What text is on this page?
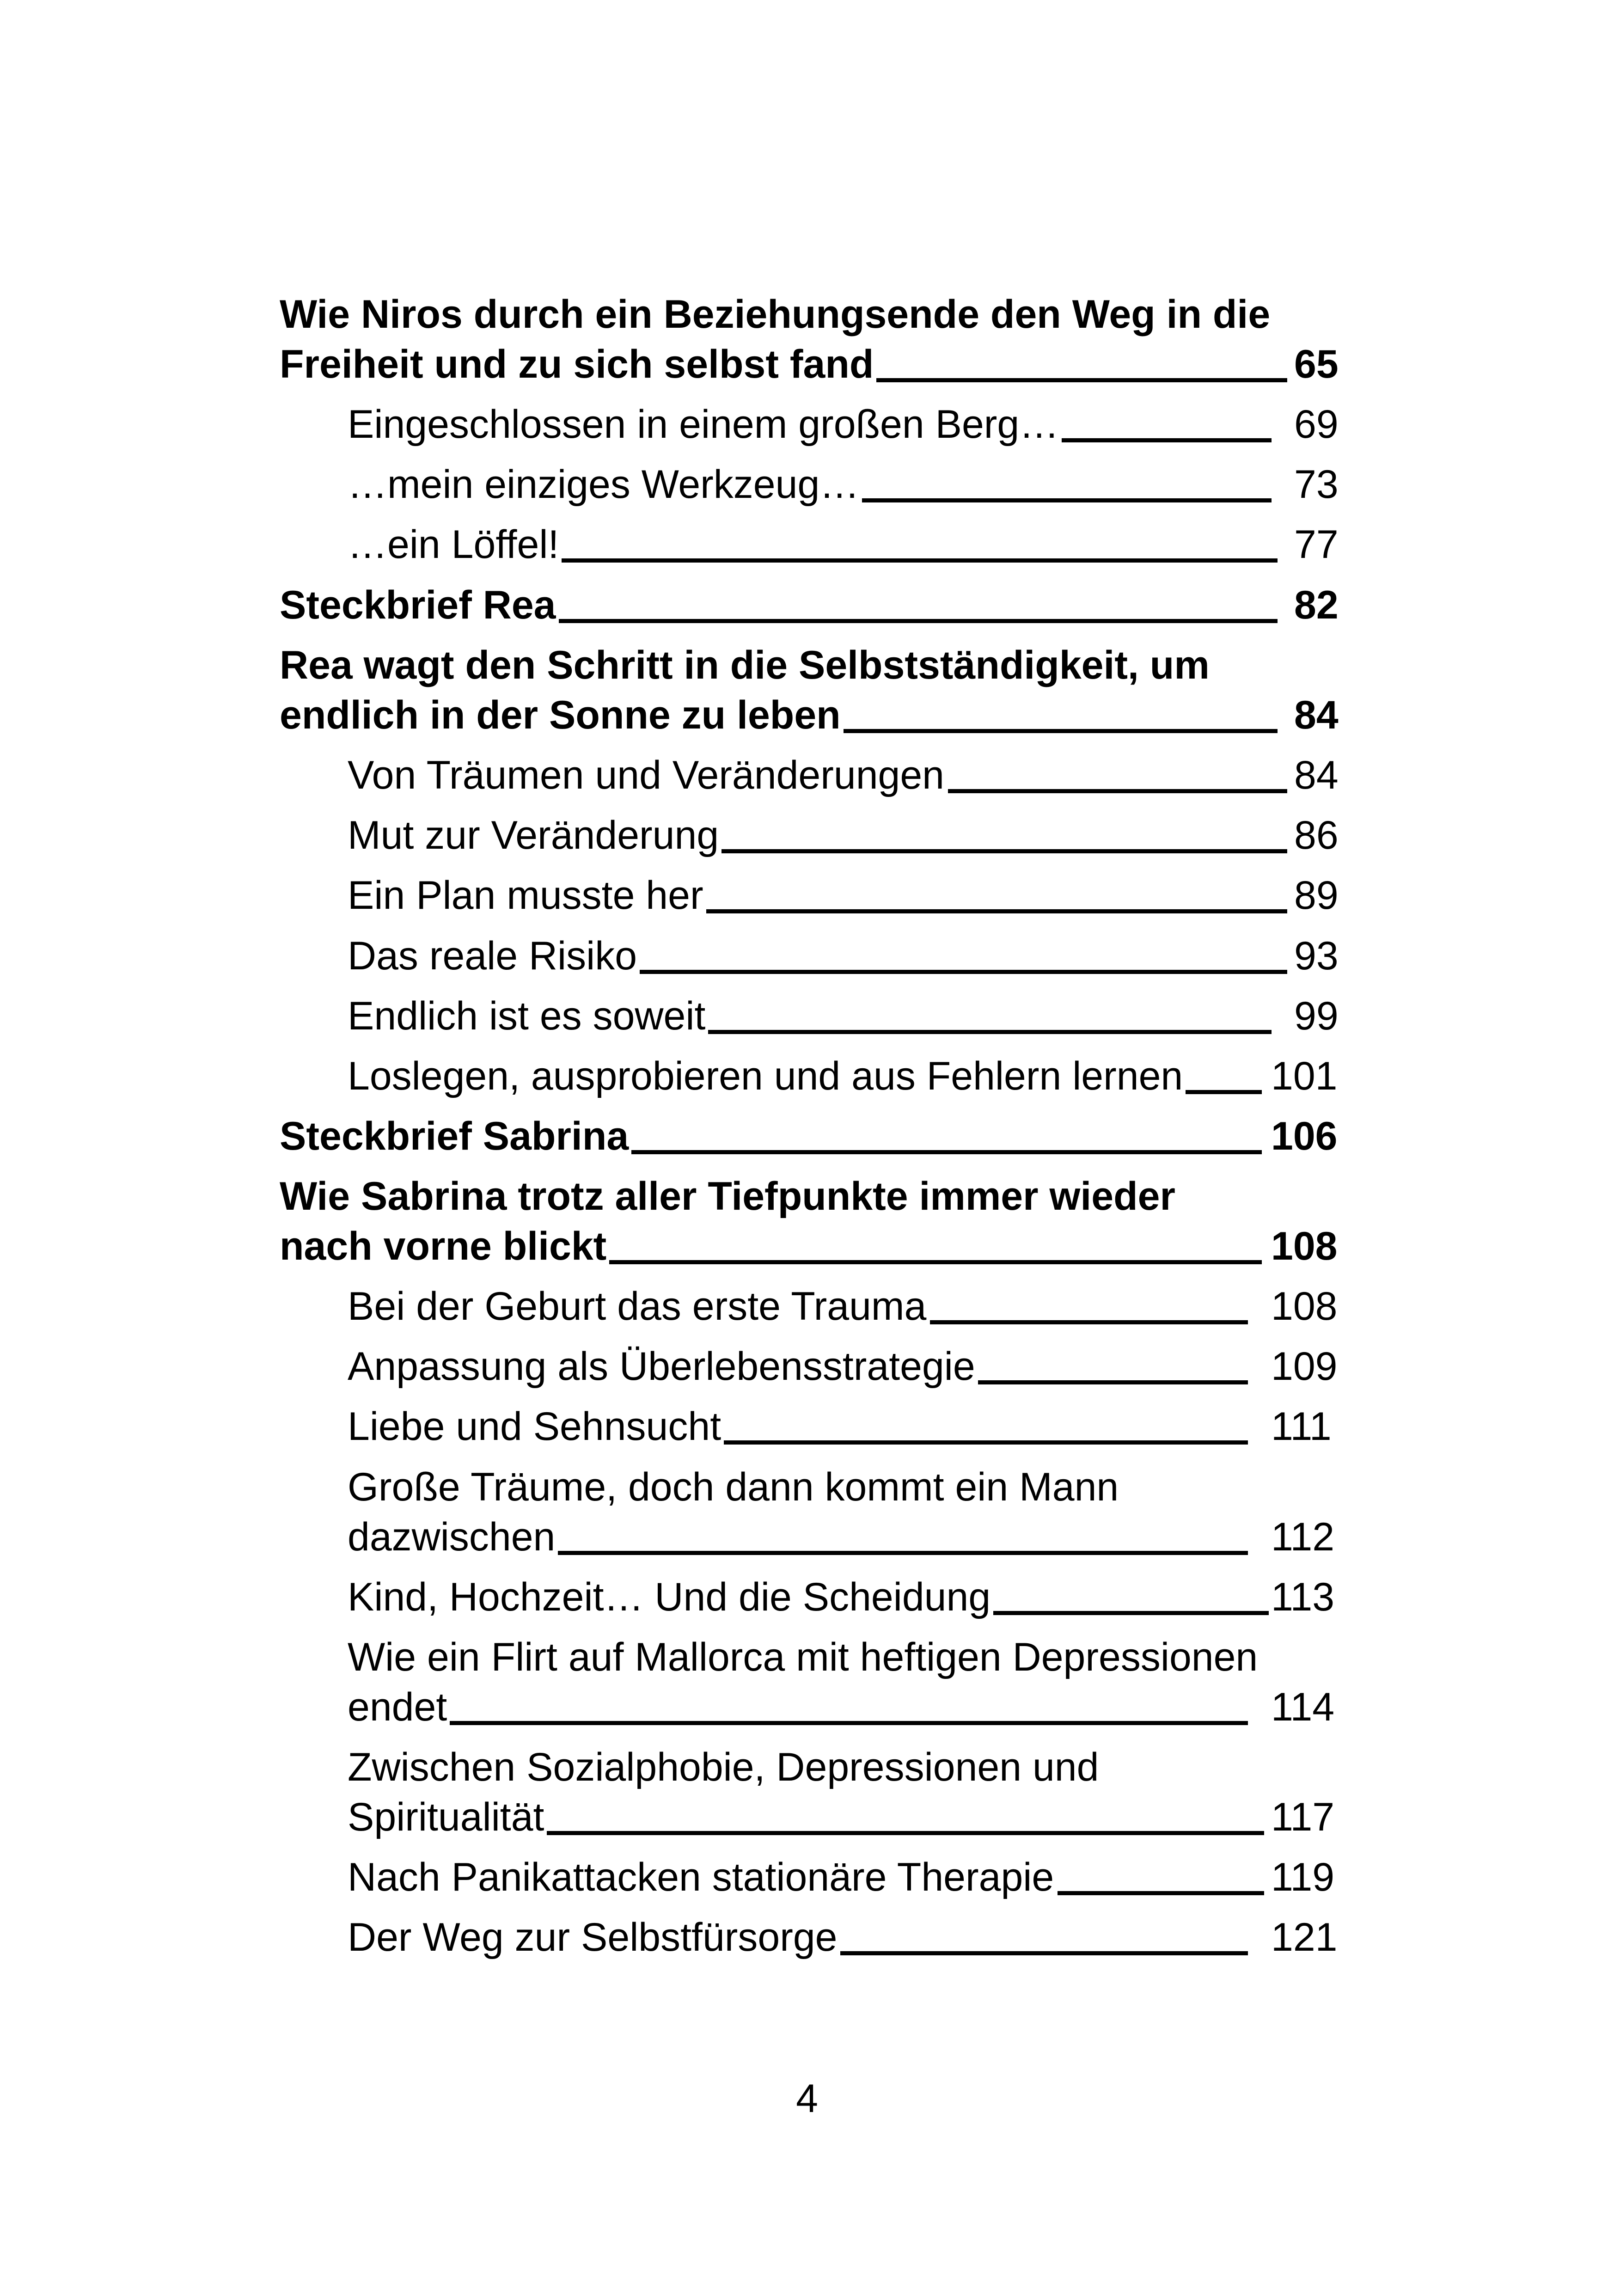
Wie Niros durch ein Beziehungsende den Weg in die
Freiheit und zu sich selbst fand	65
Eingeschlossen in einem großen Berg…	69
…mein einziges Werkzeug…	73
…ein Löffel!	77
Steckbrief Rea	82
Rea wagt den Schritt in die Selbstständigkeit, um
endlich in der Sonne zu leben	84
Von Träumen und Veränderungen	84
Mut zur Veränderung	86
Ein Plan musste her	89
Das reale Risiko	93
Endlich ist es soweit	99
Loslegen, ausprobieren und aus Fehlern lernen 101
Steckbrief Sabrina	106
Wie Sabrina trotz aller Tiefpunkte immer wieder
nach vorne blickt	108
Bei der Geburt das erste Trauma	108
Anpassung als Überlebensstrategie	109
Liebe und Sehnsucht	111
Große Träume, doch dann kommt ein Mann
dazwischen	112
Kind, Hochzeit… Und die Scheidung	113
Wie ein Flirt auf Mallorca mit heftigen Depressionen
endet	114
Zwischen Sozialphobie, Depressionen und
Spiritualität	117
Nach Panikattacken stationäre Therapie	119
Der Weg zur Selbstfürsorge	121
4
